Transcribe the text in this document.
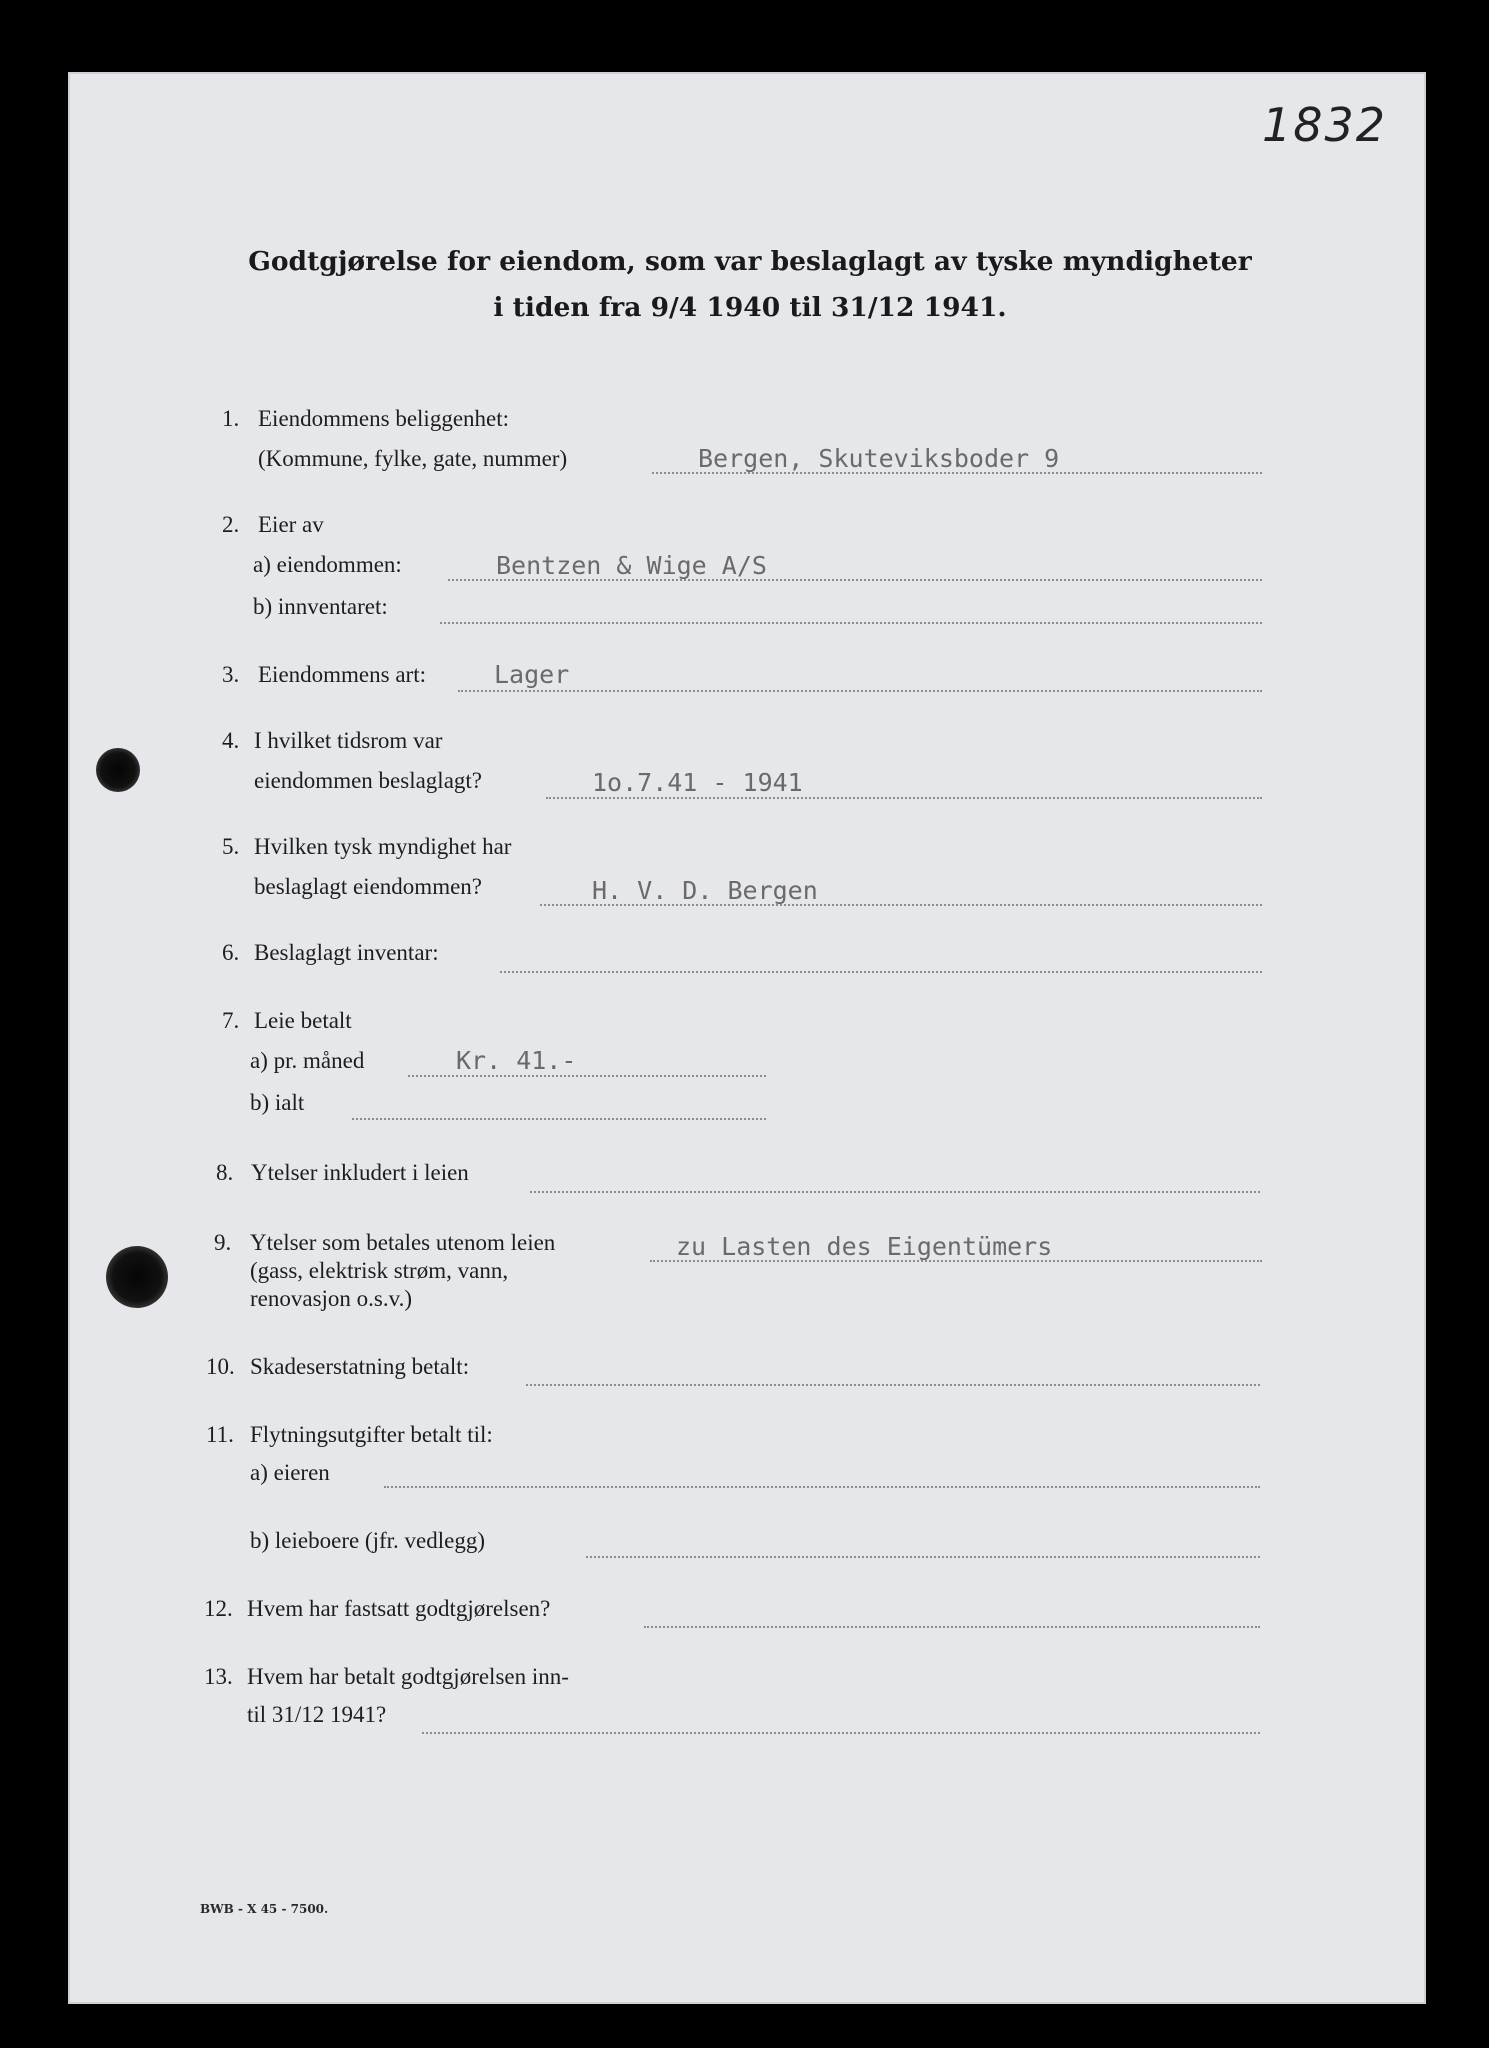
1832
Godtgjørelse for eiendom, som var beslaglagt av tyske myndigheter
i tiden fra 9/4 1940 til 31/12 1941.
1. Eiendommens beliggenhet:
(Kommune, fylke, gate, nummer)	Bergen, Skuteviksboder 9
2. Eier av
a) eiendommen:	Bentzen & Wige A/S
b) innventaret:
3. Eiendommens art:	Lager
4. I hvilket tidsrom var
eiendommen beslaglagt?	1o.7.41 - 1941
5. Hvilken tysk myndighet har
beslaglagt eiendommen?	H. V. D. Bergen
6. Beslaglagt inventar:
7. Leie betalt
a) pr. måned	Kr. 41.-
b) ialt
8. Ytelser inkludert i leien
9. Ytelser som betales utenom leien
(gass, elektrisk strøm, vann,
renovasjon o.s.v.)
zu Lasten des Eigentümers
10. Skadeserstatning betalt:
11. Flytningsutgifter betalt til:
a) eieren
b) leieboere (jfr. vedlegg)
12. Hvem har fastsatt godtgjørelsen?
13. Hvem har betalt godtgjørelsen inn-
til 31/12 1941?
BWB - X 45 - 7500.
